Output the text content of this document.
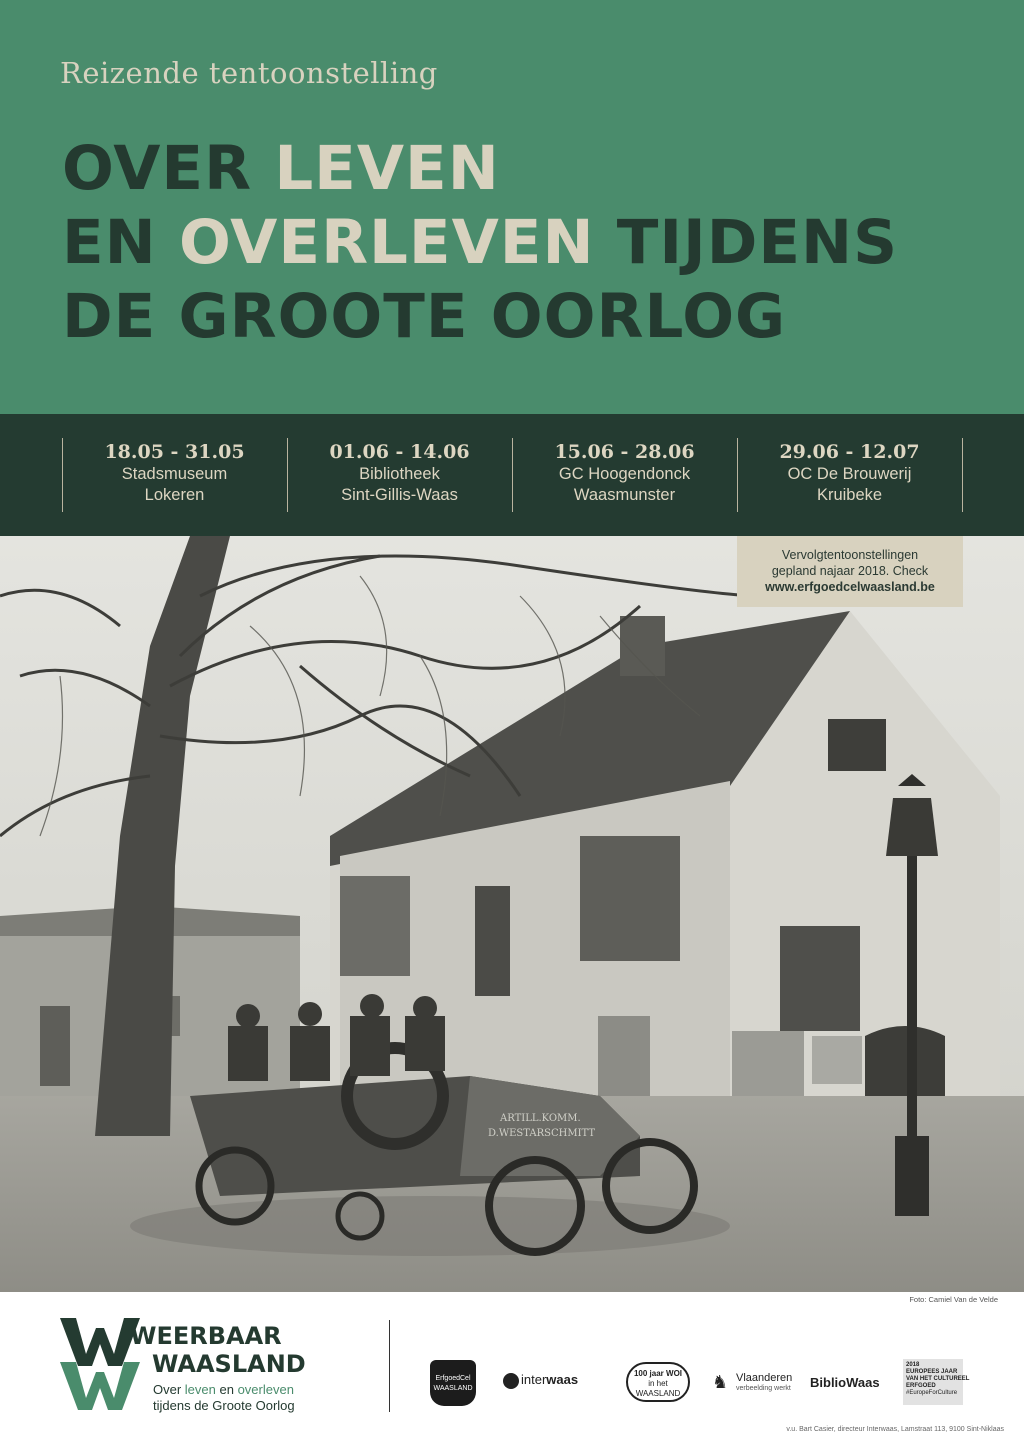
Reizende tentoonstelling
OVER LEVEN
EN OVERLEVEN TIJDENS
DE GROOTE OORLOG
18.05 - 31.05
Stadsmuseum
Lokeren
01.06 - 14.06
Bibliotheek
Sint-Gillis-Waas
15.06 - 28.06
GC Hoogendonck
Waasmunster
29.06 - 12.07
OC De Brouwerij
Kruibeke
ARTILL.KOMM.
D.WESTARSCHMITT
Vervolgtentoonstellingen
gepland najaar 2018. Check
www.erfgoedcelwaasland.be
Foto: Camiel Van de Velde
WEERBAAR
WAASLAND
Over leven en overleven
tijdens de Groote Oorlog
ErfgoedCel
WAASLAND
interwaas	100 jaar WOI
in het
WAASLAND
♞ Vlaanderen
verbeelding werkt BiblioWaas
2018
EUROPEES JAAR
VAN HET CULTUREEL
ERFGOED
#EuropeForCulture
v.u. Bart Casier, directeur Interwaas, Lamstraat 113, 9100 Sint-Niklaas
